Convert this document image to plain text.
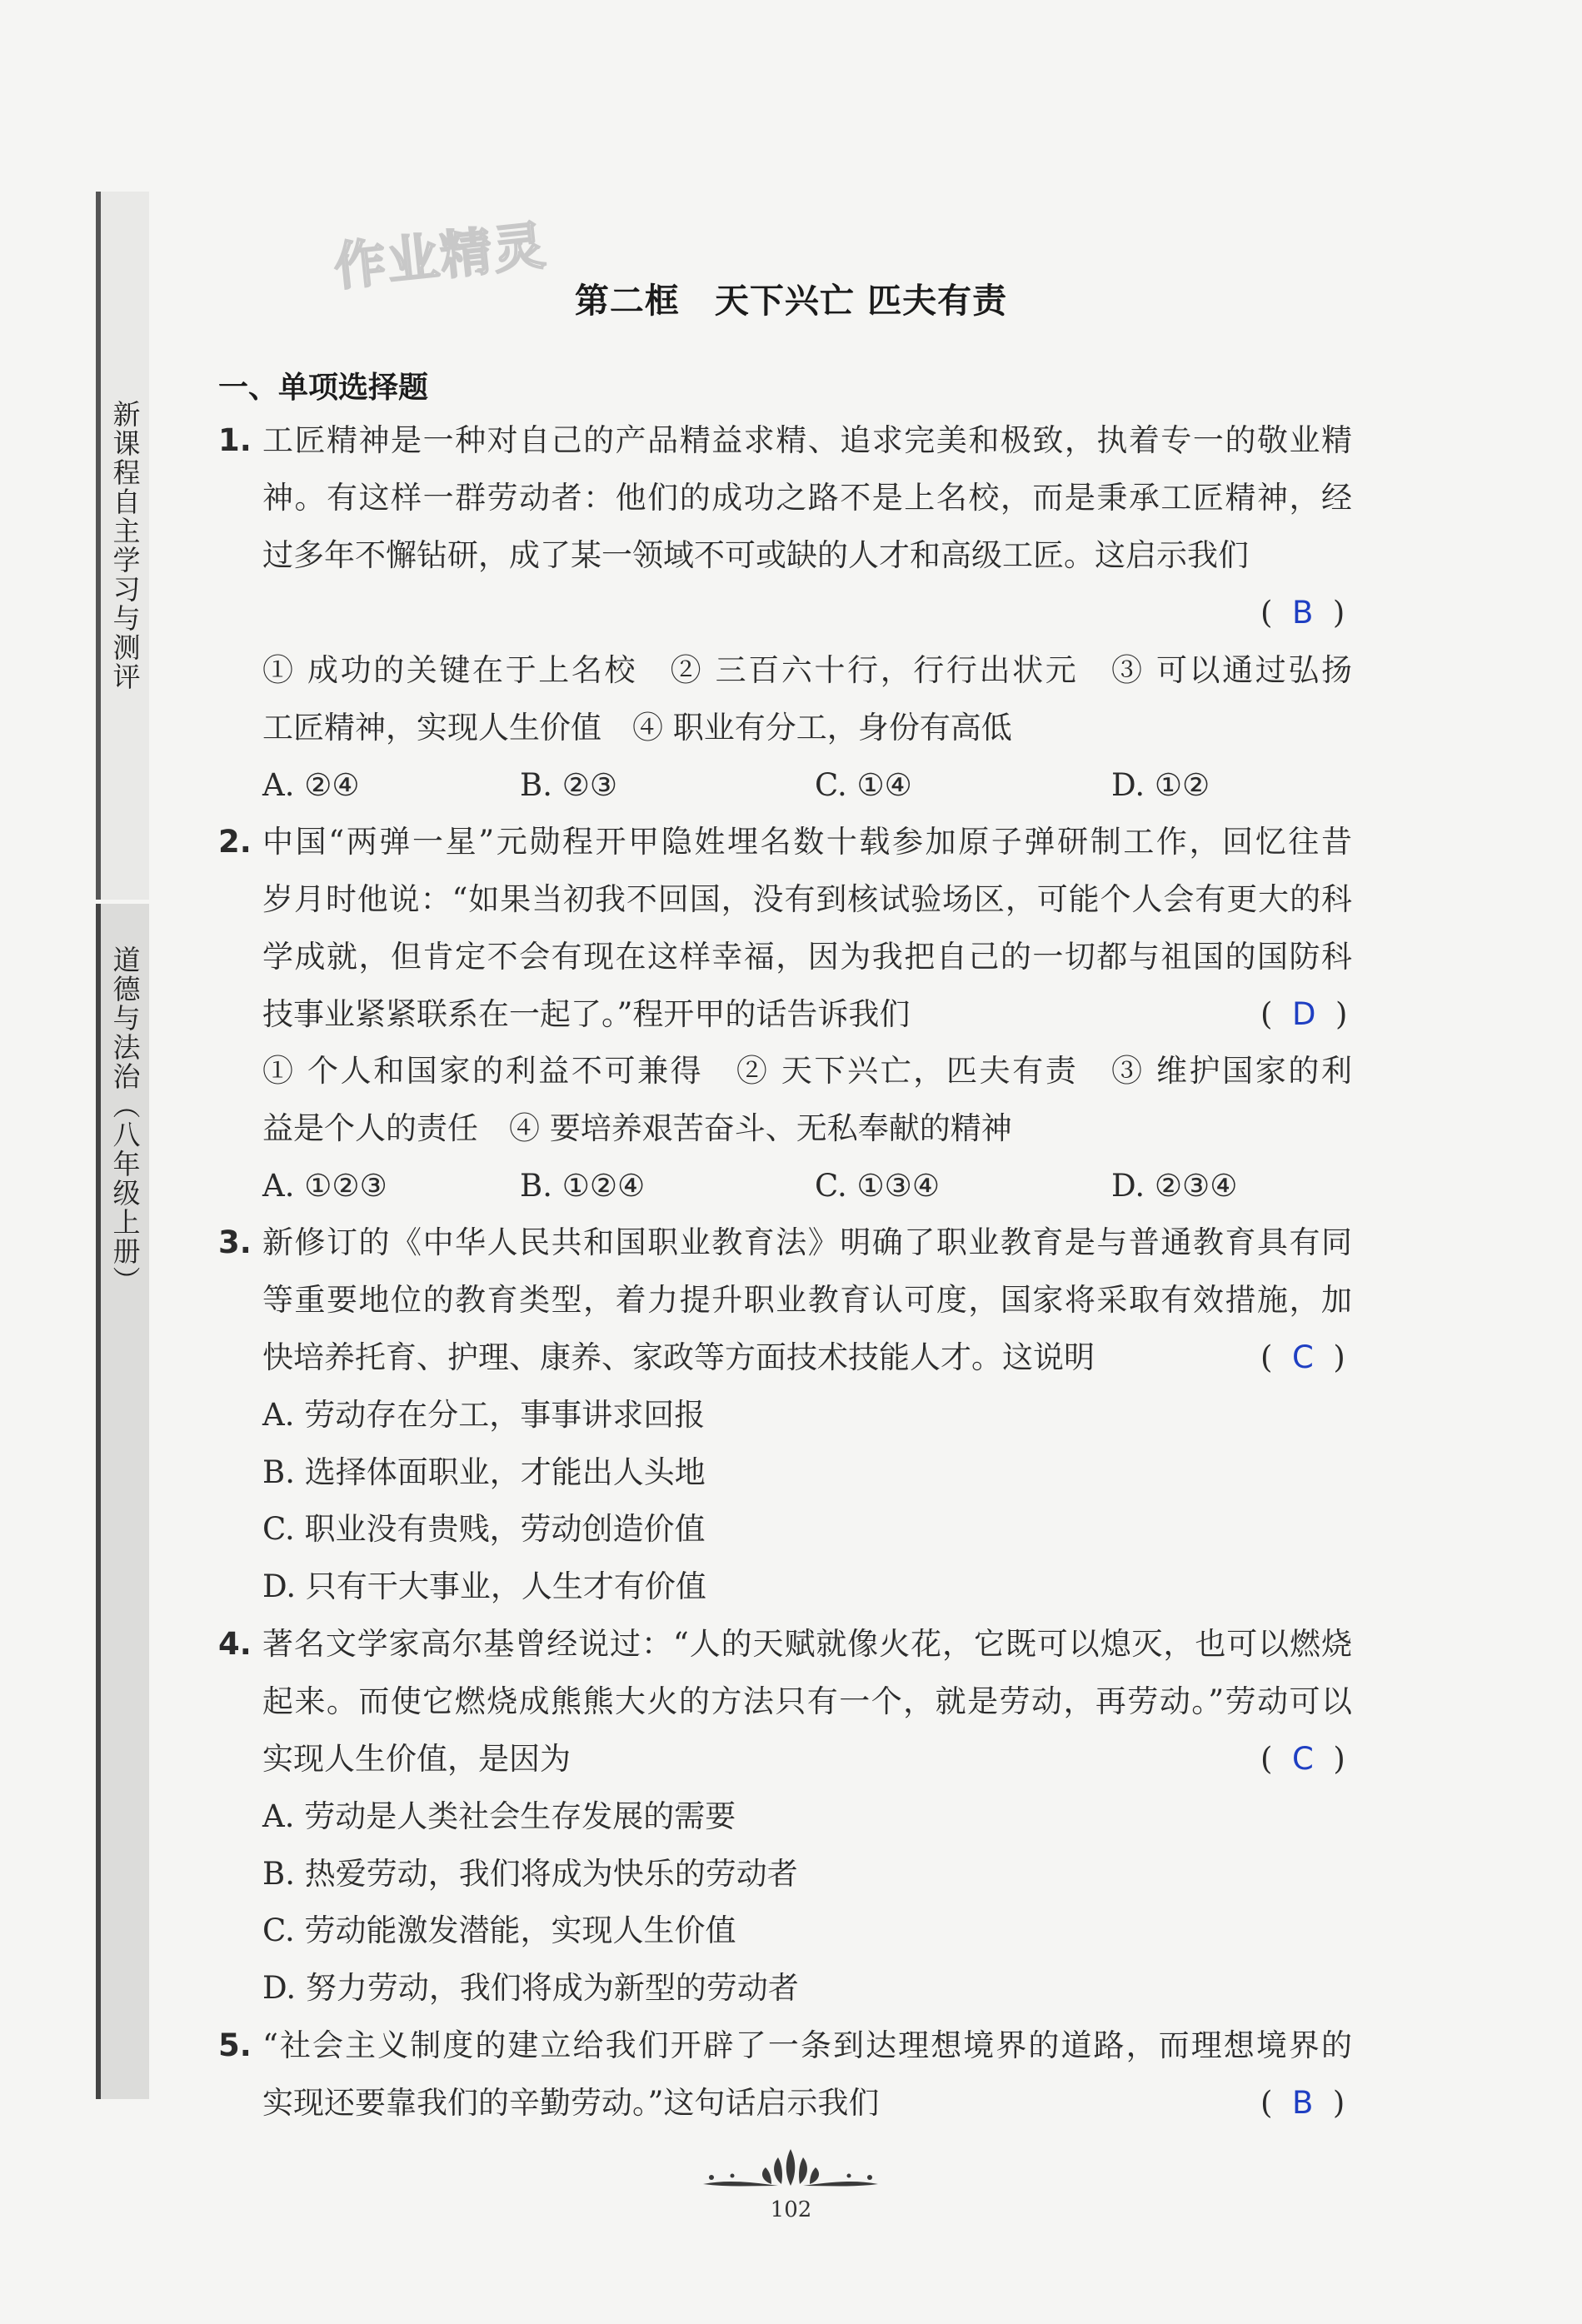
新课程自主学习与测评
道德与法治（八年级上册）
作业精灵
第二框　天下兴亡 匹夫有责
一、单项选择题
1. 工匠精神是一种对自己的产品精益求精、追求完美和极致，执着专一的敬业精
神。有这样一群劳动者：他们的成功之路不是上名校，而是秉承工匠精神，经
过多年不懈钻研，成了某一领域不可或缺的人才和高级工匠。这启示我们
( B )
① 成功的关键在于上名校　② 三百六十行，行行出状元　③ 可以通过弘扬
工匠精神，实现人生价值　④ 职业有分工，身份有高低
A. ②④	B. ②③	C. ①④	D. ①②
2. 中国“两弹一星”元勋程开甲隐姓埋名数十载参加原子弹研制工作，回忆往昔
岁月时他说：“如果当初我不回国，没有到核试验场区，可能个人会有更大的科
学成就，但肯定不会有现在这样幸福，因为我把自己的一切都与祖国的国防科
技事业紧紧联系在一起了。”程开甲的话告诉我们	( D )
① 个人和国家的利益不可兼得　② 天下兴亡，匹夫有责　③ 维护国家的利
益是个人的责任　④ 要培养艰苦奋斗、无私奉献的精神
A. ①②③	B. ①②④	C. ①③④	D. ②③④
3. 新修订的《中华人民共和国职业教育法》明确了职业教育是与普通教育具有同
等重要地位的教育类型，着力提升职业教育认可度，国家将采取有效措施，加
快培养托育、护理、康养、家政等方面技术技能人才。这说明	( C )
A. 劳动存在分工，事事讲求回报
B. 选择体面职业，才能出人头地
C. 职业没有贵贱，劳动创造价值
D. 只有干大事业，人生才有价值
4. 著名文学家高尔基曾经说过：“人的天赋就像火花，它既可以熄灭，也可以燃烧
起来。而使它燃烧成熊熊大火的方法只有一个，就是劳动，再劳动。”劳动可以
实现人生价值，是因为	( C )
A. 劳动是人类社会生存发展的需要
B. 热爱劳动，我们将成为快乐的劳动者
C. 劳动能激发潜能，实现人生价值
D. 努力劳动，我们将成为新型的劳动者
5. “社会主义制度的建立给我们开辟了一条到达理想境界的道路，而理想境界的
实现还要靠我们的辛勤劳动。”这句话启示我们	( B )
102
